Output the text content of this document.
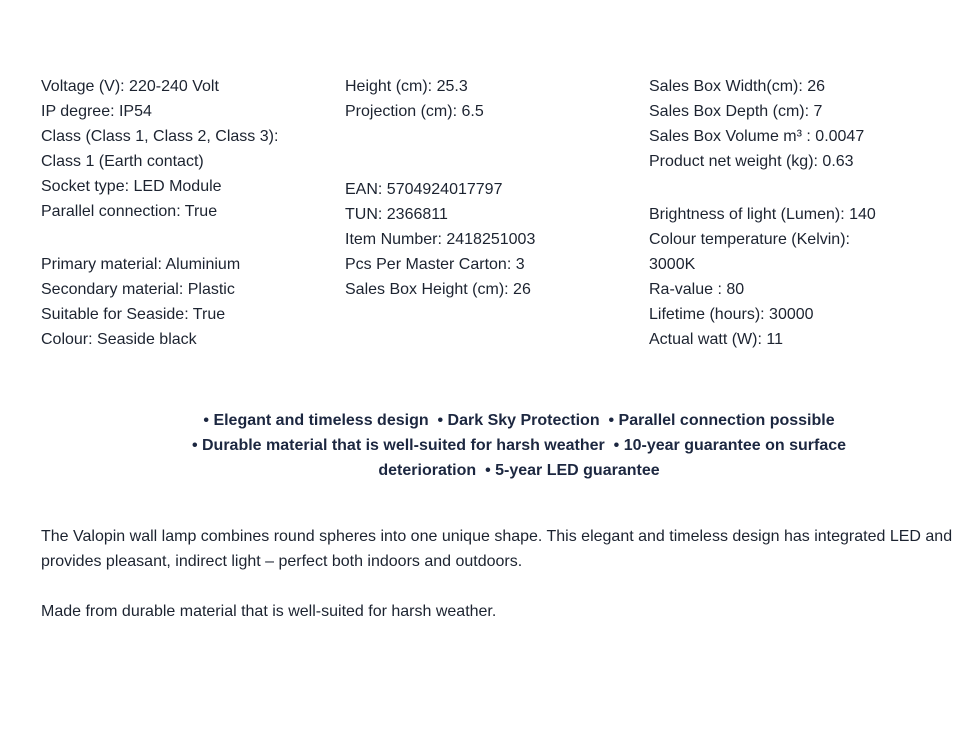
Voltage (V): 220-240 Volt
IP degree: IP54
Class (Class 1, Class 2, Class 3):
Class 1 (Earth contact)
Socket type: LED Module
Parallel connection: True
Primary material: Aluminium
Secondary material: Plastic
Suitable for Seaside: True
Colour: Seaside black
Height (cm): 25.3
Projection (cm): 6.5
EAN: 5704924017797
TUN: 2366811
Item Number: 2418251003
Pcs Per Master Carton: 3
Sales Box Height (cm): 26
Sales Box Width(cm): 26
Sales Box Depth (cm): 7
Sales Box Volume m³ : 0.0047
Product net weight (kg): 0.63
Brightness of light (Lumen): 140
Colour temperature (Kelvin):
3000K
Ra-value : 80
Lifetime (hours): 30000
Actual watt (W): 11
• Elegant and timeless design • Dark Sky Protection • Parallel connection possible
• Durable material that is well-suited for harsh weather • 10-year guarantee on surface deterioration • 5-year LED guarantee

The Valopin wall lamp combines round spheres into one unique shape. This elegant and timeless design has integrated LED and provides pleasant, indirect light – perfect both indoors and outdoors.

Made from durable material that is well-suited for harsh weather.
